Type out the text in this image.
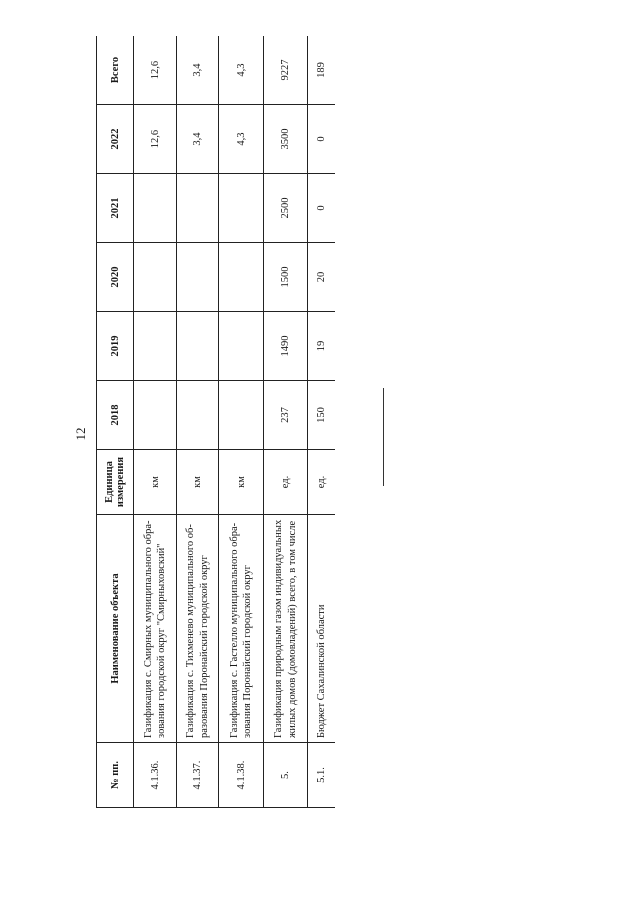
12
№ пп.	Наименование объекта	Единица измерения	2018	2019	2020	2021	2022	Всего
4.1.36.	Газификация с. Смирных муниципального обра-зования городской округ "Смирныховский"	км					12,6	12,6
4.1.37.	Газификация с. Тихменево муниципального об-разования Поронайский городской округ	км					3,4	3,4
4.1.38.	Газификация с. Гастелло муниципального обра-зования Поронайский городской округ	км					4,3	4,3
5.	Газификация природным газом индивидуальных жилых домов (домовладений) всего, в том числе	ед.	237	1490	1500	2500	3500	9227
5.1.	Бюджет Сахалинской области	ед.	150	19	20	0	0	189
